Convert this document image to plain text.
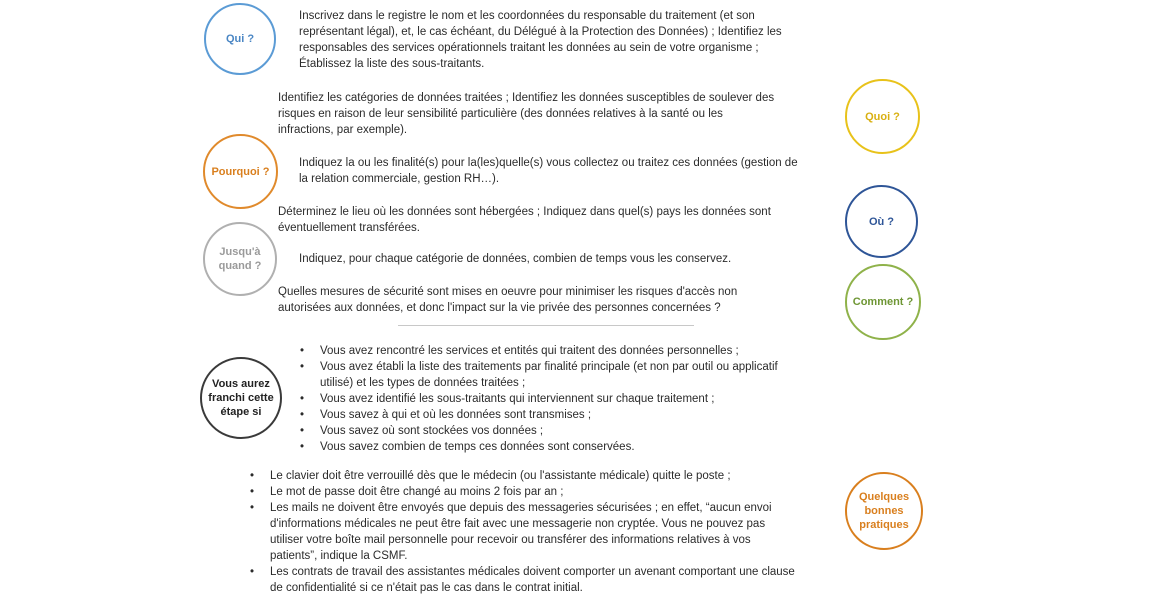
Qui ?
Quoi ?
Pourquoi ?
Où ?
Jusqu'à
quand ?
Comment ?
Vous aurez
franchi cette
étape si
Quelques
bonnes
pratiques
Inscrivez dans le registre le nom et les coordonnées du responsable du traitement (et son
représentant légal), et, le cas échéant, du Délégué à la Protection des Données) ; Identifiez les
responsables des services opérationnels traitant les données au sein de votre organisme ;
Établissez la liste des sous-traitants.
Identifiez les catégories de données traitées ; Identifiez les données susceptibles de soulever des
risques en raison de leur sensibilité particulière (des données relatives à la santé ou les
infractions, par exemple).
Indiquez la ou les finalité(s) pour la(les)quelle(s) vous collectez ou traitez ces données (gestion de
la relation commerciale, gestion RH…).
Déterminez le lieu où les données sont hébergées ; Indiquez dans quel(s) pays les données sont
éventuellement transférées.
Indiquez, pour chaque catégorie de données, combien de temps vous les conservez.
Quelles mesures de sécurité sont mises en oeuvre pour minimiser les risques d'accès non
autorisées aux données, et donc l'impact sur la vie privée des personnes concernées ?
• Vous avez rencontré les services et entités qui traitent des données personnelles ;
• Vous avez établi la liste des traitements par finalité principale (et non par outil ou applicatif
utilisé) et les types de données traitées ;
• Vous avez identifié les sous-traitants qui interviennent sur chaque traitement ;
• Vous savez à qui et où les données sont transmises ;
• Vous savez où sont stockées vos données ;
• Vous savez combien de temps ces données sont conservées.
• Le clavier doit être verrouillé dès que le médecin (ou l'assistante médicale) quitte le poste ;
• Le mot de passe doit être changé au moins 2 fois par an ;
• Les mails ne doivent être envoyés que depuis des messageries sécurisées ; en effet, “aucun envoi
d'informations médicales ne peut être fait avec une messagerie non cryptée. Vous ne pouvez pas
utiliser votre boîte mail personnelle pour recevoir ou transférer des informations relatives à vos
patients”, indique la CSMF.
• Les contrats de travail des assistantes médicales doivent comporter un avenant comportant une clause
de confidentialité si ce n'était pas le cas dans le contrat initial.
